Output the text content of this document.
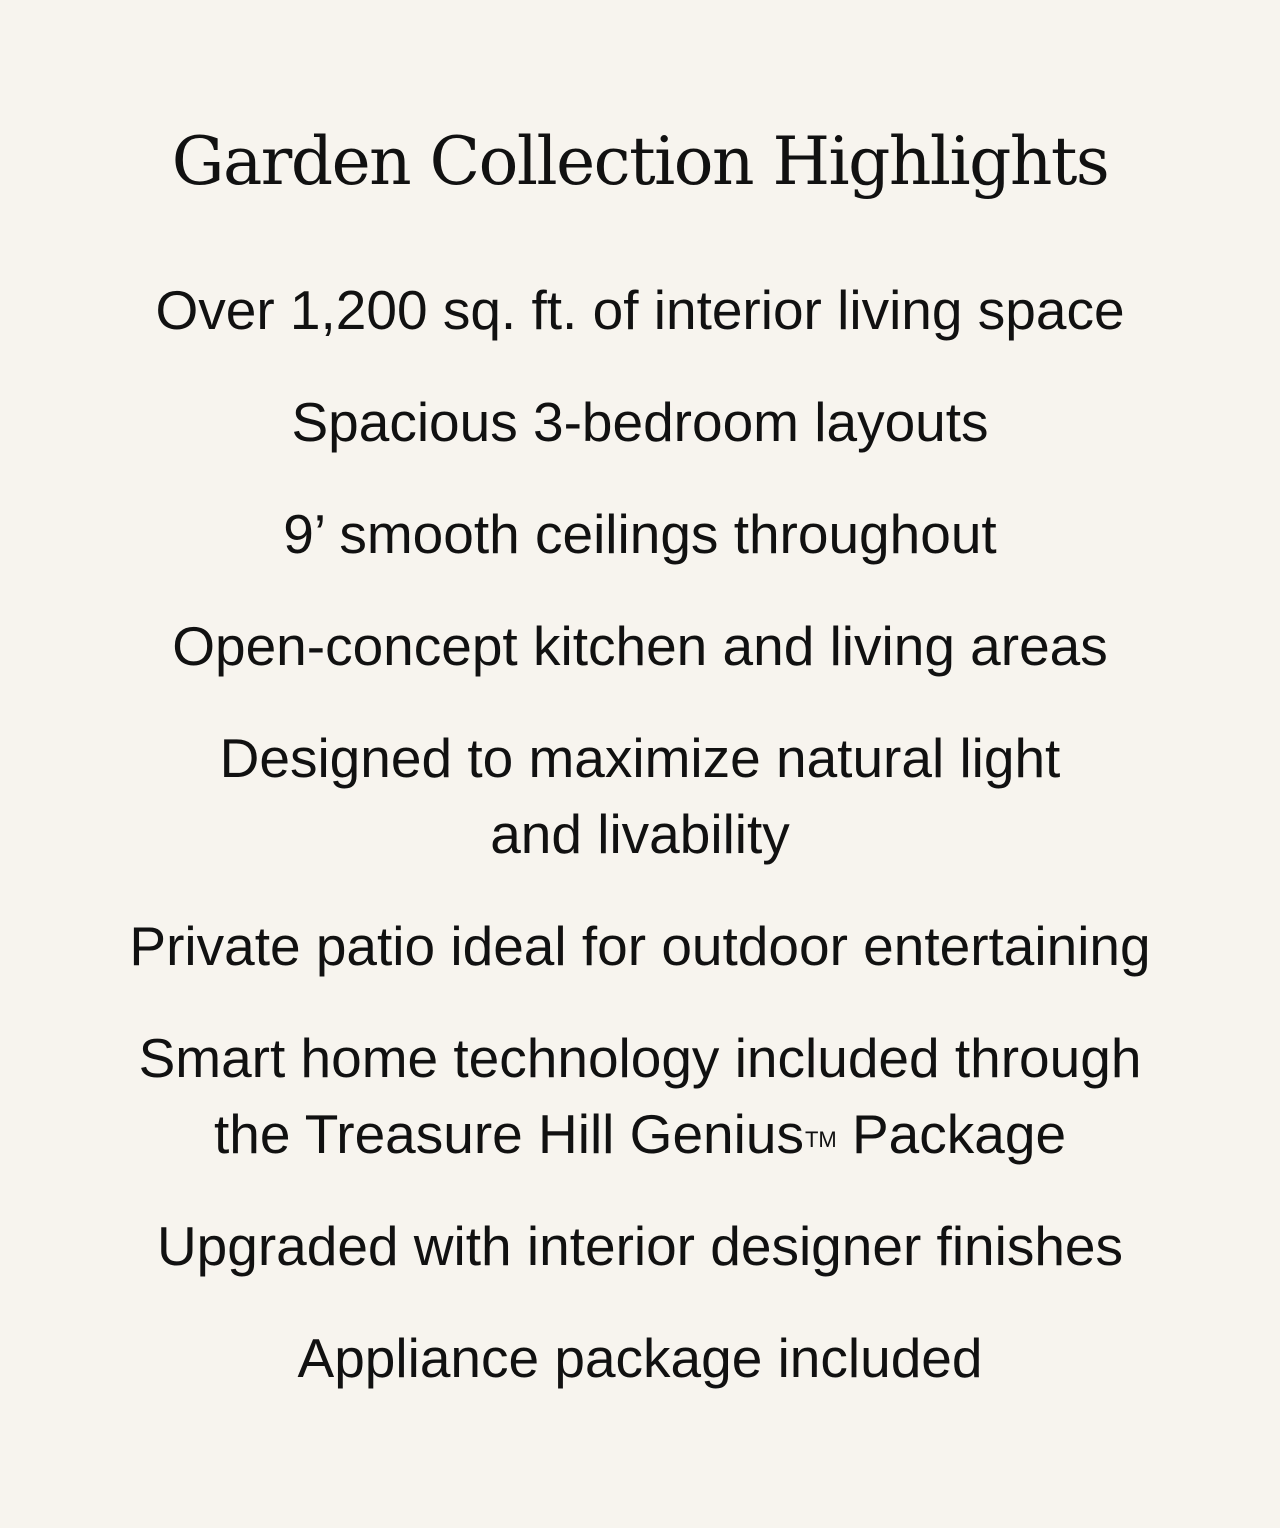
Garden Collection Highlights
Over 1,200 sq. ft. of interior living space
Spacious 3-bedroom layouts
9’ smooth ceilings throughout
Open-concept kitchen and living areas
Designed to maximize natural light
and livability
Private patio ideal for outdoor entertaining
Smart home technology included through
the Treasure Hill Genius™ Package
Upgraded with interior designer finishes
Appliance package included
